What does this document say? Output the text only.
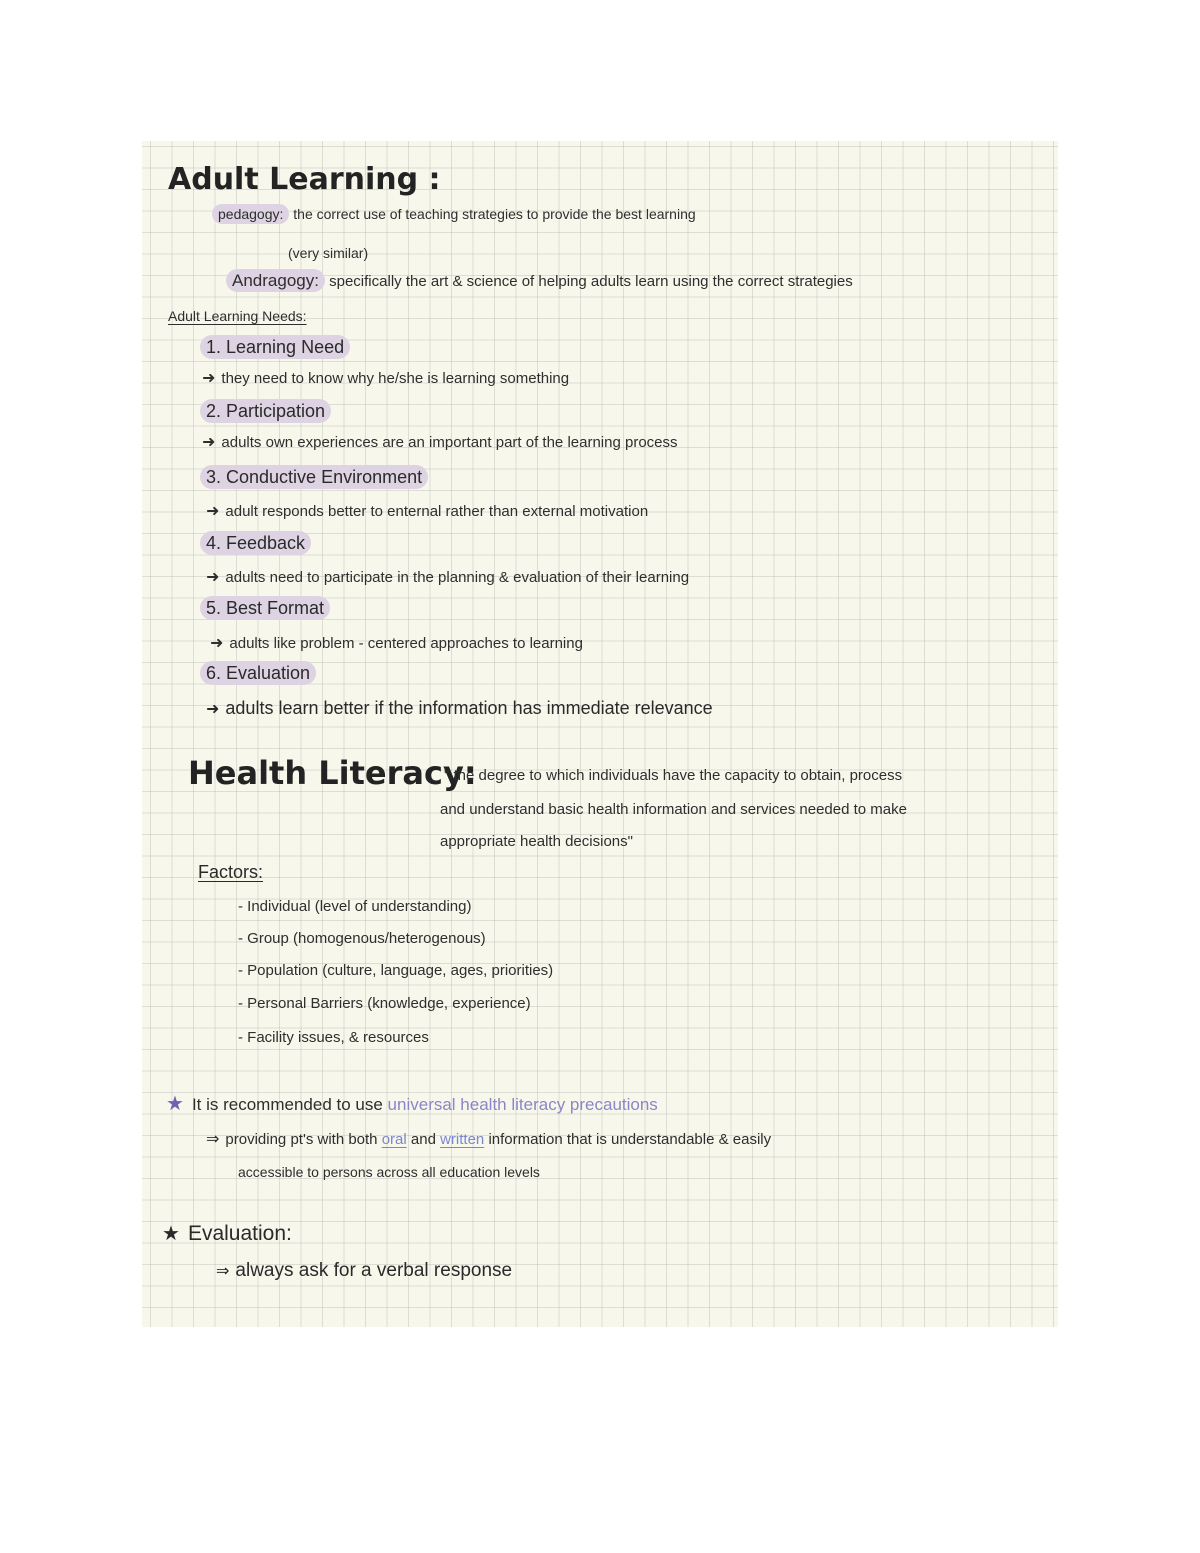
Adult Learning :
pedagogy: the correct use of teaching strategies to provide the best learning
(very similar)
Andragogy: specifically the art & science of helping adults learn using the correct strategies
Adult Learning Needs:
1. Learning Need
➜ they need to know why he/she is learning something
2. Participation
➜ adults own experiences are an important part of the learning process
3. Conductive Environment
➜ adult responds better to enternal rather than external motivation
4. Feedback
➜ adults need to participate in the planning & evaluation of their learning
5. Best Format
➜ adults like problem - centered approaches to learning
6. Evaluation
➜ adults learn better if the information has immediate relevance
Health Literacy:
" the degree to which individuals have the capacity to obtain, process
and understand basic health information and services needed to make
appropriate health decisions"
Factors:
- Individual (level of understanding)
- Group (homogenous/heterogenous)
- Population (culture, language, ages, priorities)
- Personal Barriers (knowledge, experience)
- Facility issues, & resources
★ It is recommended to use universal health literacy precautions
⇒ providing pt's with both oral and written information that is understandable & easily
accessible to persons across all education levels
★ Evaluation:
⇒ always ask for a verbal response
